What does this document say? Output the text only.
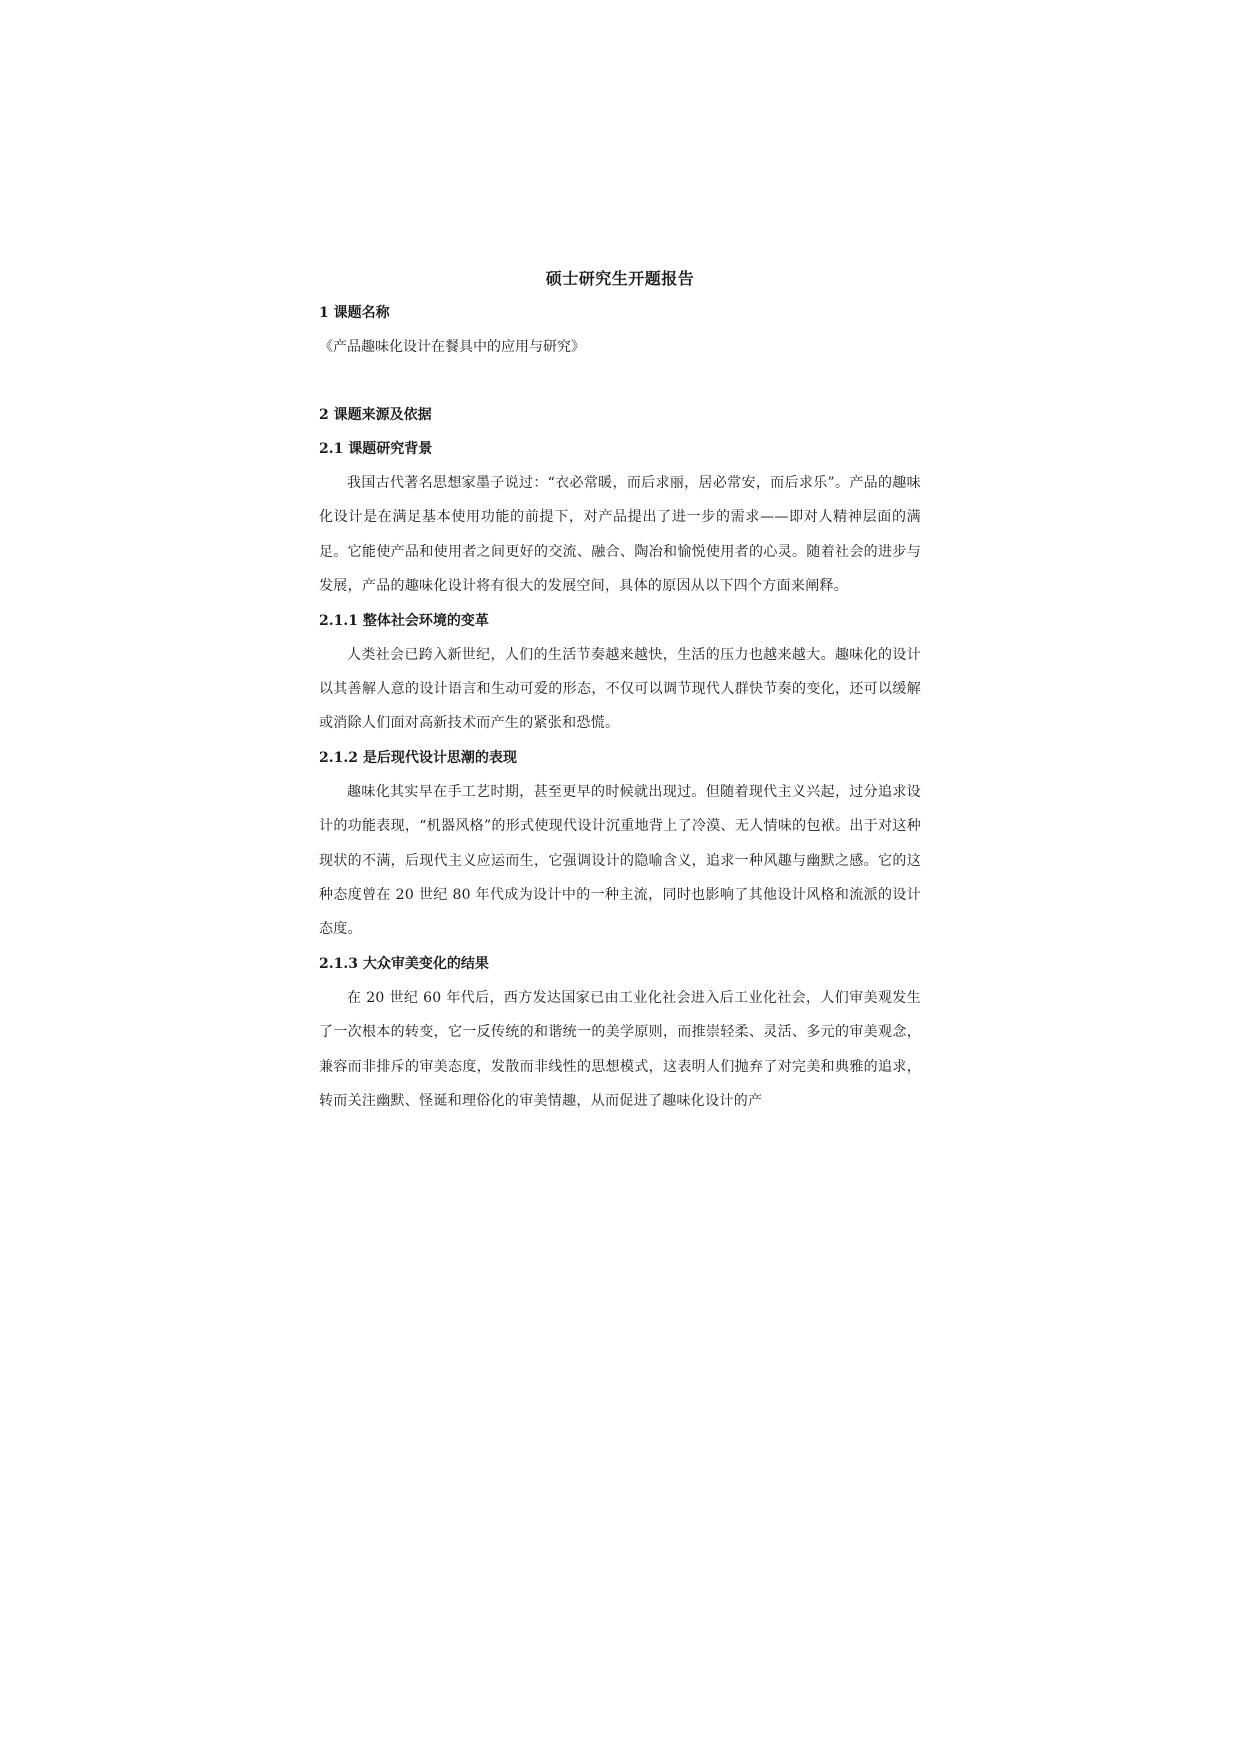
硕士研究生开题报告
1 课题名称
《产品趣味化设计在餐具中的应用与研究》
2 课题来源及依据
2.1 课题研究背景

我国古代著名思想家墨子说过：“衣必常暖，而后求丽，居必常安，而后求乐”。产品的趣味化设计是在满足基本使用功能的前提下，对产品提出了进一步的需求——即对人精神层面的满足。它能使产品和使用者之间更好的交流、融合、陶冶和愉悦使用者的心灵。随着社会的进步与发展，产品的趣味化设计将有很大的发展空间，具体的原因从以下四个方面来阐释。

2.1.1 整体社会环境的变革

人类社会已跨入新世纪，人们的生活节奏越来越快，生活的压力也越来越大。趣味化的设计以其善解人意的设计语言和生动可爱的形态，不仅可以调节现代人群快节奏的变化，还可以缓解或消除人们面对高新技术而产生的紧张和恐慌。

2.1.2 是后现代设计思潮的表现

趣味化其实早在手工艺时期，甚至更早的时候就出现过。但随着现代主义兴起，过分追求设计的功能表现，“机器风格”的形式使现代设计沉重地背上了冷漠、无人情味的包袱。出于对这种现状的不满，后现代主义应运而生，它强调设计的隐喻含义，追求一种风趣与幽默之感。它的这种态度曾在 20 世纪 80 年代成为设计中的一种主流，同时也影响了其他设计风格和流派的设计态度。

2.1.3 大众审美变化的结果

在 20 世纪 60 年代后，西方发达国家已由工业化社会进入后工业化社会，人们审美观发生了一次根本的转变，它一反传统的和谐统一的美学原则，而推崇轻柔、灵活、多元的审美观念，兼容而非排斥的审美态度，发散而非线性的思想模式，这表明人们抛弃了对完美和典雅的追求，转而关注幽默、怪诞和理俗化的审美情趣，从而促进了趣味化设计的产
